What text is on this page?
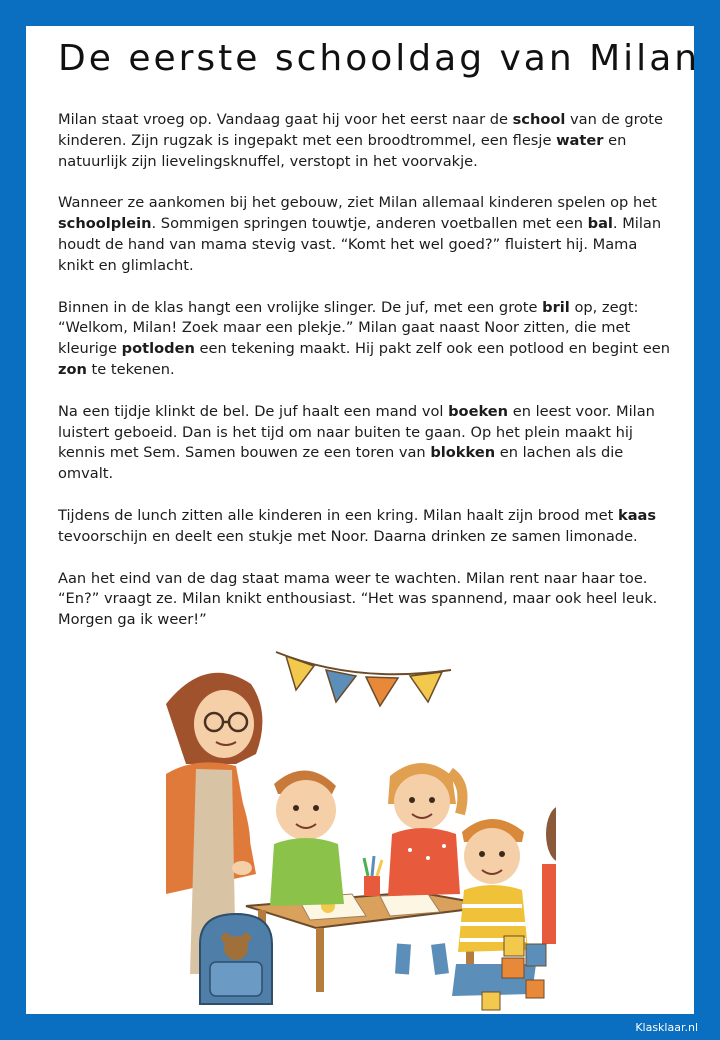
De eerste schooldag van Milan

Milan staat vroeg op. Vandaag gaat hij voor het eerst naar de school van de grote kinderen. Zijn rugzak is ingepakt met een broodtrommel, een flesje water en natuurlijk zijn lievelingsknuffel, verstopt in het voorvakje.

Wanneer ze aankomen bij het gebouw, ziet Milan allemaal kinderen spelen op het schoolplein. Sommigen springen touwtje, anderen voetballen met een bal. Milan houdt de hand van mama stevig vast. “Komt het wel goed?” fluistert hij. Mama knikt en glimlacht.

Binnen in de klas hangt een vrolijke slinger. De juf, met een grote bril op, zegt: “Welkom, Milan! Zoek maar een plekje.” Milan gaat naast Noor zitten, die met kleurige potloden een tekening maakt. Hij pakt zelf ook een potlood en begint een zon te tekenen.

Na een tijdje klinkt de bel. De juf haalt een mand vol boeken en leest voor. Milan luistert geboeid. Dan is het tijd om naar buiten te gaan. Op het plein maakt hij kennis met Sem. Samen bouwen ze een toren van blokken en lachen als die omvalt.

Tijdens de lunch zitten alle kinderen in een kring. Milan haalt zijn brood met kaas tevoorschijn en deelt een stukje met Noor. Daarna drinken ze samen limonade.

Aan het eind van de dag staat mama weer te wachten. Milan rent naar haar toe. “En?” vraagt ze. Milan knikt enthousiast. “Het was spannend, maar ook heel leuk. Morgen ga ik weer!”

Klasklaar.nl
